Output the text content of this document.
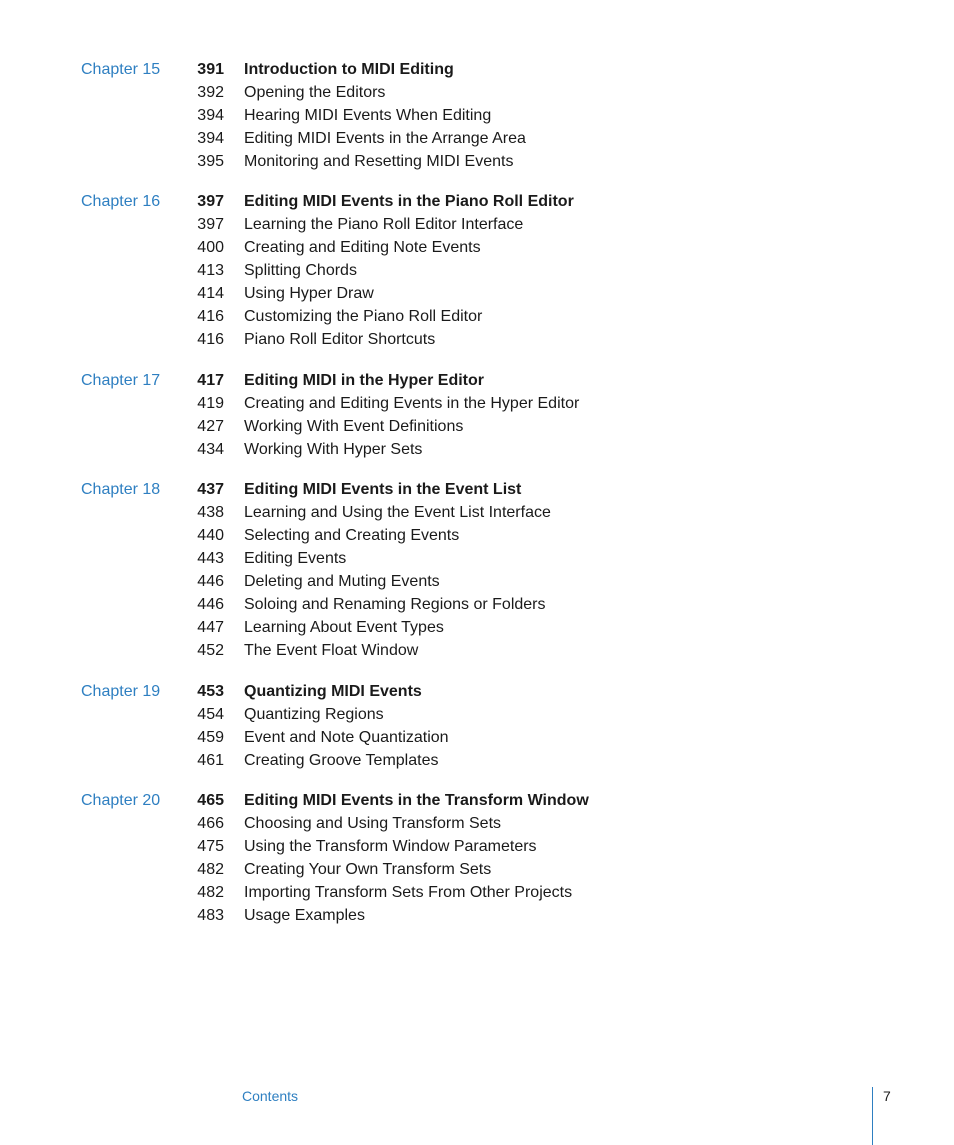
Chapter 15	391 Introduction to MIDI Editing
392 Opening the Editors
394 Hearing MIDI Events When Editing
394 Editing MIDI Events in the Arrange Area
395 Monitoring and Resetting MIDI Events
Chapter 16	397 Editing MIDI Events in the Piano Roll Editor
397 Learning the Piano Roll Editor Interface
400 Creating and Editing Note Events
413 Splitting Chords
414 Using Hyper Draw
416 Customizing the Piano Roll Editor
416 Piano Roll Editor Shortcuts
Chapter 17	417 Editing MIDI in the Hyper Editor
419 Creating and Editing Events in the Hyper Editor
427 Working With Event Definitions
434 Working With Hyper Sets
Chapter 18	437 Editing MIDI Events in the Event List
438 Learning and Using the Event List Interface
440 Selecting and Creating Events
443 Editing Events
446 Deleting and Muting Events
446 Soloing and Renaming Regions or Folders
447 Learning About Event Types
452 The Event Float Window
Chapter 19	453 Quantizing MIDI Events
454 Quantizing Regions
459 Event and Note Quantization
461 Creating Groove Templates
Chapter 20	465 Editing MIDI Events in the Transform Window
466 Choosing and Using Transform Sets
475 Using the Transform Window Parameters
482 Creating Your Own Transform Sets
482 Importing Transform Sets From Other Projects
483 Usage Examples
Contents	7
